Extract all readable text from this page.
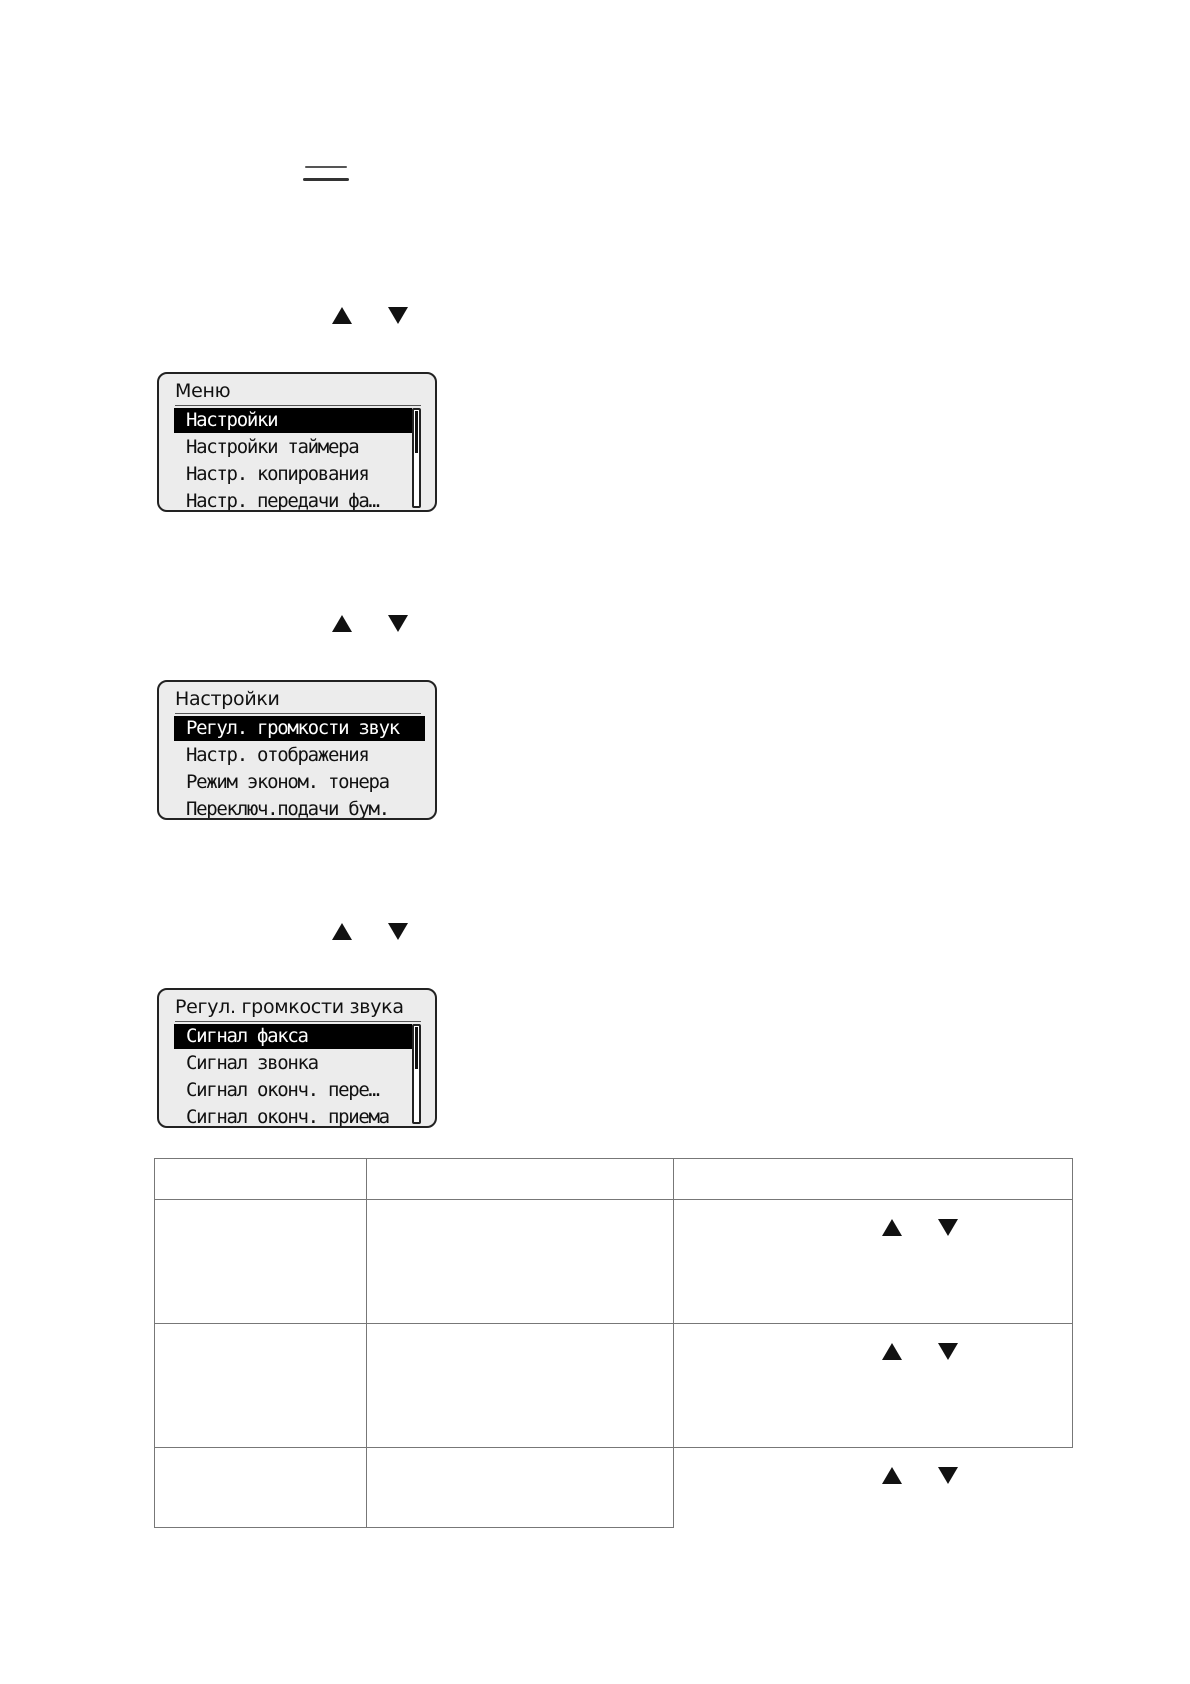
Меню
Настройки
Настройки таймера
Настр. копирования
Настр. передачи фа…
Настройки
Регул. громкости звук
Настр. отображения
Режим эконом. тонера
Переключ.подачи бум.
Регул. громкости звука
Сигнал факса
Сигнал звонка
Сигнал оконч. пере…
Сигнал оконч. приема
